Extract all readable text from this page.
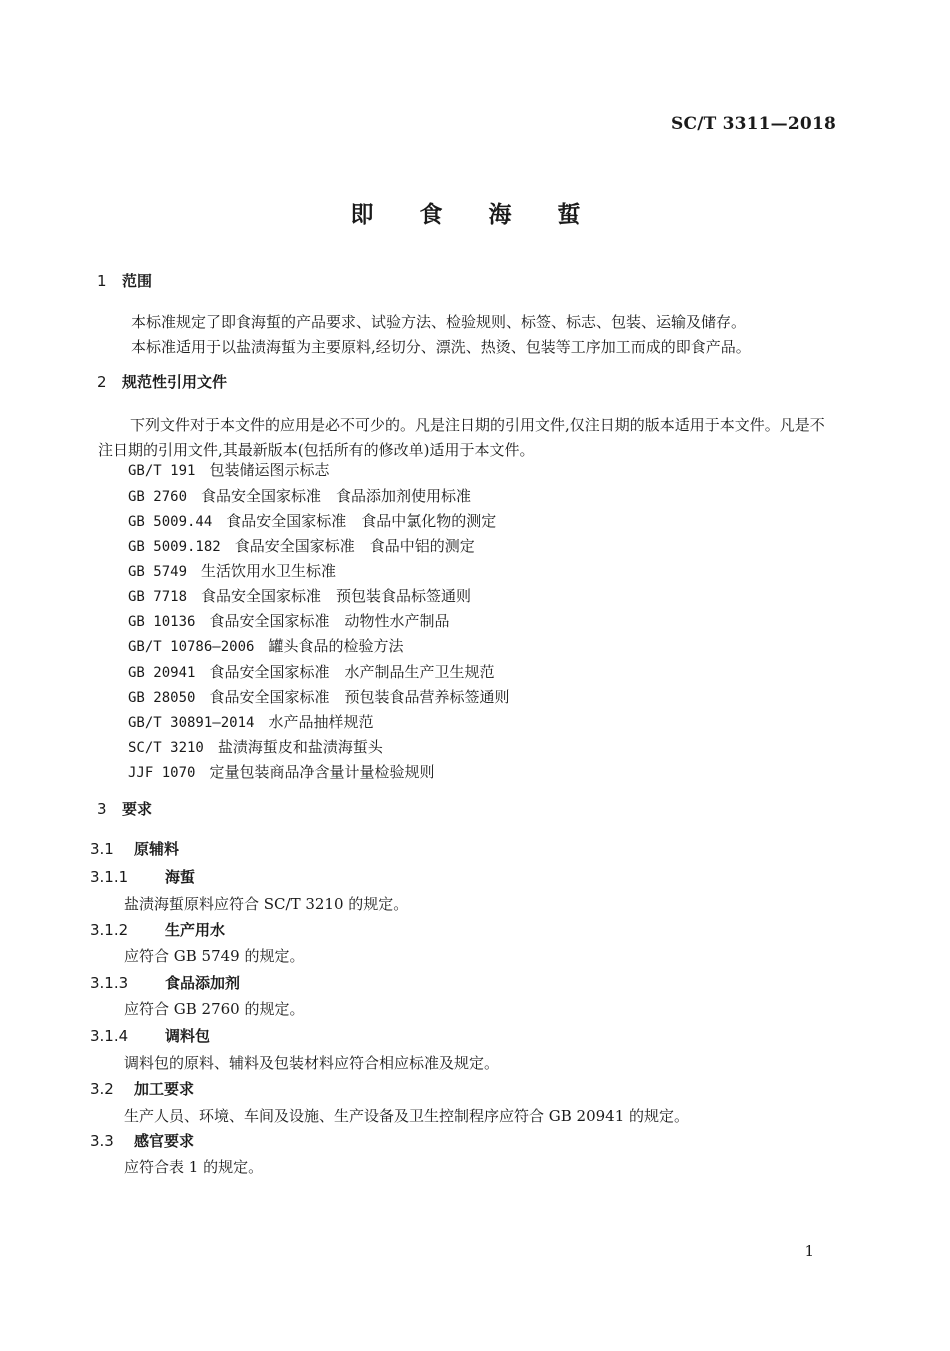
SC/T 3311—2018
即 食 海 蜇
1 范围
本标准规定了即食海蜇的产品要求、试验方法、检验规则、标签、标志、包装、运输及储存。
本标准适用于以盐渍海蜇为主要原料,经切分、漂洗、热烫、包装等工序加工而成的即食产品。
2 规范性引用文件
下列文件对于本文件的应用是必不可少的。凡是注日期的引用文件,仅注日期的版本适用于本文件。凡是不注日期的引用文件,其最新版本(包括所有的修改单)适用于本文件。
GB/T 191 包装储运图示标志
GB 2760 食品安全国家标准　食品添加剂使用标准
GB 5009.44 食品安全国家标准　食品中氯化物的测定
GB 5009.182 食品安全国家标准　食品中铝的测定
GB 5749 生活饮用水卫生标准
GB 7718 食品安全国家标准　预包装食品标签通则
GB 10136 食品安全国家标准　动物性水产制品
GB/T 10786—2006 罐头食品的检验方法
GB 20941 食品安全国家标准　水产制品生产卫生规范
GB 28050 食品安全国家标准　预包装食品营养标签通则
GB/T 30891—2014 水产品抽样规范
SC/T 3210 盐渍海蜇皮和盐渍海蜇头
JJF 1070 定量包装商品净含量计量检验规则
3 要求
3.1 原辅料
3.1.1 海蜇
盐渍海蜇原料应符合 SC/T 3210 的规定。
3.1.2 生产用水
应符合 GB 5749 的规定。
3.1.3 食品添加剂
应符合 GB 2760 的规定。
3.1.4 调料包
调料包的原料、辅料及包装材料应符合相应标准及规定。
3.2 加工要求
生产人员、环境、车间及设施、生产设备及卫生控制程序应符合 GB 20941 的规定。
3.3 感官要求
应符合表 1 的规定。
1
